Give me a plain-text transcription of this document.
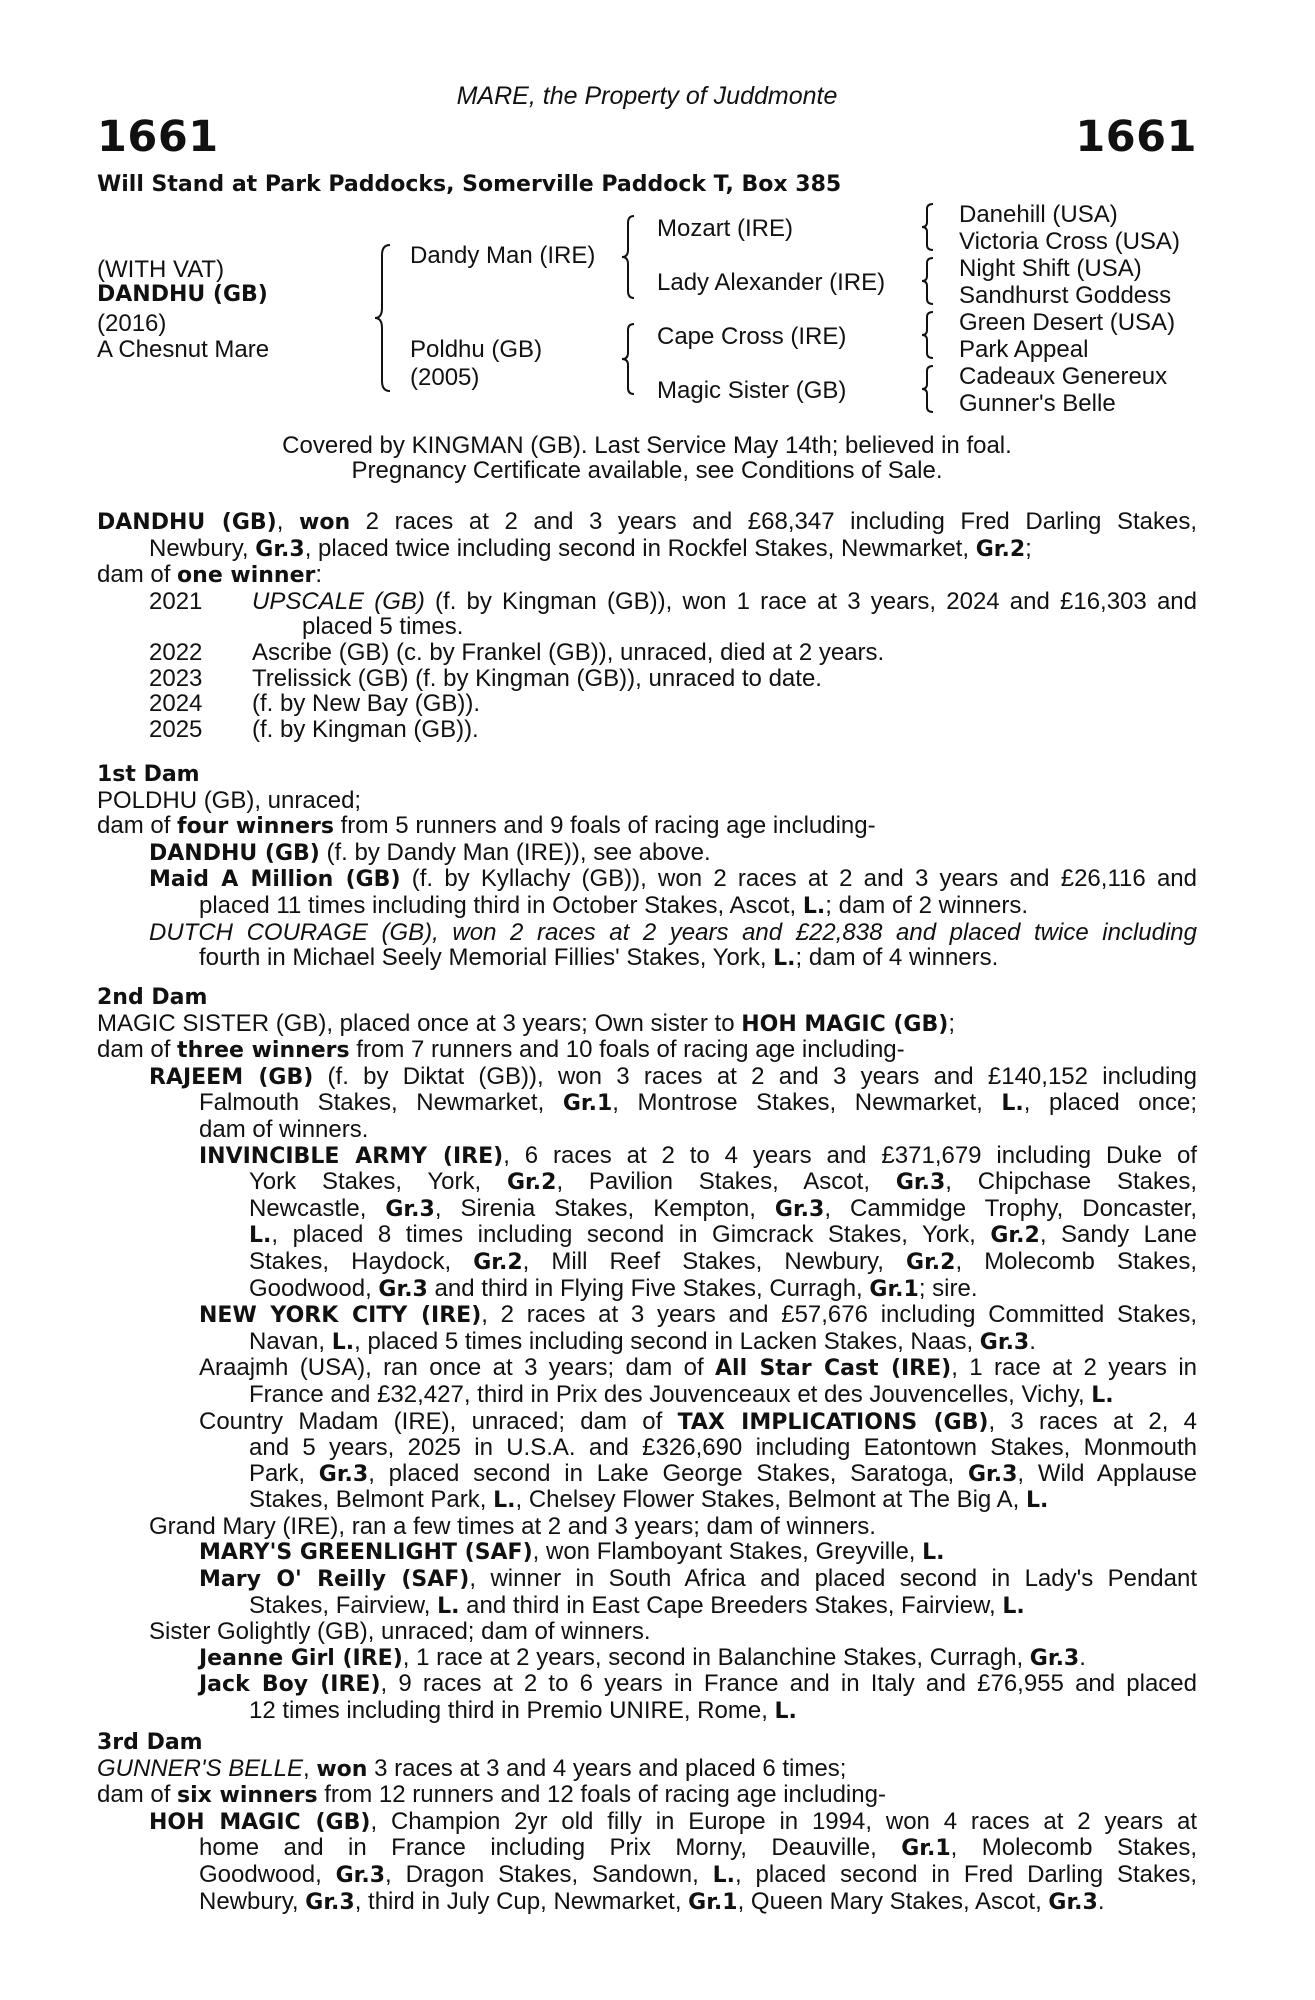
MARE, the Property of Juddmonte
1661	1661
Will Stand at Park Paddocks, Somerville Paddock T, Box 385
(WITH VAT)
DANDHU (GB)
(2016)
A Chesnut Mare
Dandy Man (IRE)
Poldhu (GB)
(2005)
Mozart (IRE)
Lady Alexander (IRE)
Cape Cross (IRE)
Magic Sister (GB)
Danehill (USA)
Victoria Cross (USA)
Night Shift (USA)
Sandhurst Goddess
Green Desert (USA)
Park Appeal
Cadeaux Genereux
Gunner's Belle
Covered by KINGMAN (GB). Last Service May 14th; believed in foal.
Pregnancy Certificate available, see Conditions of Sale.
DANDHU (GB), won 2 races at 2 and 3 years and £68,347 including Fred Darling Stakes,
Newbury, Gr.3, placed twice including second in Rockfel Stakes, Newmarket, Gr.2;
dam of one winner:
2021 UPSCALE (GB) (f. by Kingman (GB)), won 1 race at 3 years, 2024 and £16,303 and
placed 5 times.
2022 Ascribe (GB) (c. by Frankel (GB)), unraced, died at 2 years.
2023 Trelissick (GB) (f. by Kingman (GB)), unraced to date.
2024 (f. by New Bay (GB)).
2025 (f. by Kingman (GB)).
1st Dam
POLDHU (GB), unraced;
dam of four winners from 5 runners and 9 foals of racing age including-
DANDHU (GB) (f. by Dandy Man (IRE)), see above.
Maid A Million (GB) (f. by Kyllachy (GB)), won 2 races at 2 and 3 years and £26,116 and
placed 11 times including third in October Stakes, Ascot, L.; dam of 2 winners.
DUTCH COURAGE (GB), won 2 races at 2 years and £22,838 and placed twice including
fourth in Michael Seely Memorial Fillies' Stakes, York, L.; dam of 4 winners.
2nd Dam
MAGIC SISTER (GB), placed once at 3 years; Own sister to HOH MAGIC (GB);
dam of three winners from 7 runners and 10 foals of racing age including-
RAJEEM (GB) (f. by Diktat (GB)), won 3 races at 2 and 3 years and £140,152 including
Falmouth Stakes, Newmarket, Gr.1, Montrose Stakes, Newmarket, L., placed once;
dam of winners.
INVINCIBLE ARMY (IRE), 6 races at 2 to 4 years and £371,679 including Duke of
York Stakes, York, Gr.2, Pavilion Stakes, Ascot, Gr.3, Chipchase Stakes,
Newcastle, Gr.3, Sirenia Stakes, Kempton, Gr.3, Cammidge Trophy, Doncaster,
L., placed 8 times including second in Gimcrack Stakes, York, Gr.2, Sandy Lane
Stakes, Haydock, Gr.2, Mill Reef Stakes, Newbury, Gr.2, Molecomb Stakes,
Goodwood, Gr.3 and third in Flying Five Stakes, Curragh, Gr.1; sire.
NEW YORK CITY (IRE), 2 races at 3 years and £57,676 including Committed Stakes,
Navan, L., placed 5 times including second in Lacken Stakes, Naas, Gr.3.
Araajmh (USA), ran once at 3 years; dam of All Star Cast (IRE), 1 race at 2 years in
France and £32,427, third in Prix des Jouvenceaux et des Jouvencelles, Vichy, L.
Country Madam (IRE), unraced; dam of TAX IMPLICATIONS (GB), 3 races at 2, 4
and 5 years, 2025 in U.S.A. and £326,690 including Eatontown Stakes, Monmouth
Park, Gr.3, placed second in Lake George Stakes, Saratoga, Gr.3, Wild Applause
Stakes, Belmont Park, L., Chelsey Flower Stakes, Belmont at The Big A, L.
Grand Mary (IRE), ran a few times at 2 and 3 years; dam of winners.
MARY'S GREENLIGHT (SAF), won Flamboyant Stakes, Greyville, L.
Mary O' Reilly (SAF), winner in South Africa and placed second in Lady's Pendant
Stakes, Fairview, L. and third in East Cape Breeders Stakes, Fairview, L.
Sister Golightly (GB), unraced; dam of winners.
Jeanne Girl (IRE), 1 race at 2 years, second in Balanchine Stakes, Curragh, Gr.3.
Jack Boy (IRE), 9 races at 2 to 6 years in France and in Italy and £76,955 and placed
12 times including third in Premio UNIRE, Rome, L.
3rd Dam
GUNNER'S BELLE, won 3 races at 3 and 4 years and placed 6 times;
dam of six winners from 12 runners and 12 foals of racing age including-
HOH MAGIC (GB), Champion 2yr old filly in Europe in 1994, won 4 races at 2 years at
home and in France including Prix Morny, Deauville, Gr.1, Molecomb Stakes,
Goodwood, Gr.3, Dragon Stakes, Sandown, L., placed second in Fred Darling Stakes,
Newbury, Gr.3, third in July Cup, Newmarket, Gr.1, Queen Mary Stakes, Ascot, Gr.3.
